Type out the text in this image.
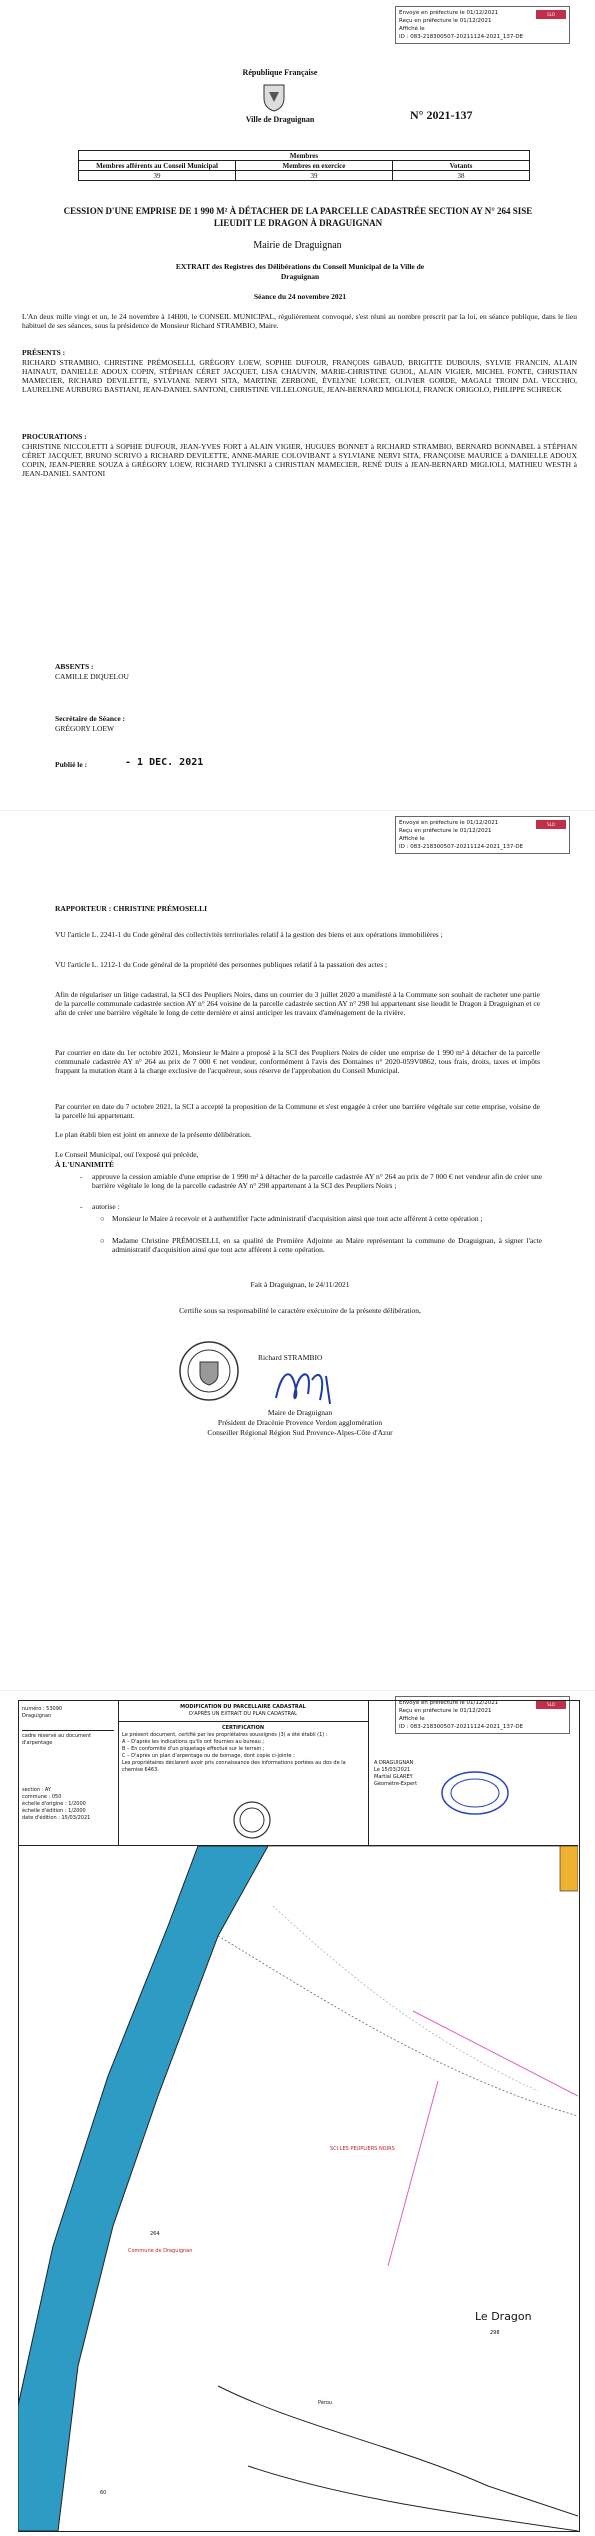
SLO
Envoyé en préfecture le 01/12/2021
Reçu en préfecture le 01/12/2021
Affiché le
ID : 083-218300507-20211124-2021_137-DE
République Française
Ville de Draguignan	N° 2021-137
Membres		
Membres afférents au Conseil Municipal	Membres en exercice	Votants
39	39	38
CESSION D'UNE EMPRISE DE 1 990 M² À DÉTACHER DE LA PARCELLE CADASTRÉE SECTION AY N° 264 SISE LIEUDIT LE DRAGON À DRAGUIGNAN
Mairie de Draguignan
EXTRAIT des Registres des Délibérations du Conseil Municipal de la Ville de Draguignan
Séance du 24 novembre 2021
L'An deux mille vingt et un, le 24 novembre à 14H00, le CONSEIL MUNICIPAL, régulièrement convoqué, s'est réuni au nombre prescrit par la loi, en séance publique, dans le lieu habituel de ses séances, sous la présidence de Monsieur Richard STRAMBIO, Maire.
PRÉSENTS :
RICHARD STRAMBIO, CHRISTINE PRÉMOSELLI, GRÉGORY LOEW, SOPHIE DUFOUR, FRANÇOIS GIBAUD, BRIGITTE DUBOUIS, SYLVIE FRANCIN, ALAIN HAINAUT, DANIELLE ADOUX COPIN, STÉPHAN CÉRET JACQUET, LISA CHAUVIN, MARIE-CHRISTINE GUIOL, ALAIN VIGIER, MICHEL FONTE, CHRISTIAN MAMECIER, RICHARD DEVILETTE, SYLVIANE NERVI SITA, MARTINE ZERBONE, ÉVELYNE LORCET, OLIVIER GORDE, MAGALI TROIN DAL VECCHIO, LAURELINE AURBURG BASTIANI, JEAN-DANIEL SANTONI, CHRISTINE VILLELONGUE, JEAN-BERNARD MIGLIOLI, FRANCK ORIGOLO, PHILIPPE SCHRECK
PROCURATIONS :
CHRISTINE NICCOLETTI à SOPHIE DUFOUR, JEAN-YVES FORT à ALAIN VIGIER, HUGUES BONNET à RICHARD STRAMBIO, BERNARD BONNABEL à STÉPHAN CÉRET JACQUET, BRUNO SCRIVO à RICHARD DEVILETTE, ANNE-MARIE COLOVIBANT à SYLVIANE NERVI SITA, FRANÇOISE MAURICE à DANIELLE ADOUX COPIN, JEAN-PIERRE SOUZA à GRÉGORY LOEW, RICHARD TYLINSKI à CHRISTIAN MAMECIER, RENÉ DUIS à JEAN-BERNARD MIGLIOLI, MATHIEU WESTH à JEAN-DANIEL SANTONI
ABSENTS :
CAMILLE DIQUELOU
Secrétaire de Séance :
GRÉGORY LOEW
Publié le :	- 1 DEC. 2021
SLO
Envoyé en préfecture le 01/12/2021
Reçu en préfecture le 01/12/2021
Affiché le
ID : 083-218300507-20211124-2021_137-DE
RAPPORTEUR : CHRISTINE PRÉMOSELLI
VU l'article L. 2241-1 du Code général des collectivités territoriales relatif à la gestion des biens et aux opérations immobilières ;
VU l'article L. 1212-1 du Code général de la propriété des personnes publiques relatif à la passation des actes ;
Afin de régulariser un litige cadastral, la SCI des Peupliers Noirs, dans un courrier du 3 juillet 2020 a manifesté à la Commune son souhait de racheter une partie de la parcelle communale cadastrée section AY n° 264 voisine de la parcelle cadastrée section AY n° 298 lui appartenant sise lieudit le Dragon à Draguignan et ce afin de créer une barrière végétale le long de cette dernière et ainsi anticiper les travaux d'aménagement de la rivière.
Par courrier en date du 1er octobre 2021, Monsieur le Maire a proposé à la SCI des Peupliers Noirs de céder une emprise de 1 990 m² à détacher de la parcelle communale cadastrée AY n° 264 au prix de 7 000 € net vendeur, conformément à l'avis des Domaines n° 2020-059V0862, tous frais, droits, taxes et impôts frappant la mutation étant à la charge exclusive de l'acquéreur, sous réserve de l'approbation du Conseil Municipal.
Par courrier en date du 7 octobre 2021, la SCI a accepté la proposition de la Commune et s'est engagée à créer une barrière végétale sur cette emprise, voisine de la parcelle lui appartenant.
Le plan établi bien est joint en annexe de la présente délibération.
Le Conseil Municipal, ouï l'exposé qui précède,
À L'UNANIMITÉ
- approuve la cession amiable d'une emprise de 1 990 m² à détacher de la parcelle cadastrée AY n° 264 au prix de 7 000 € net vendeur afin de créer une barrière végétale le long de la parcelle cadastrée AY n° 298 appartenant à la SCI des Peupliers Noirs ;
- autorise :
○ Monsieur le Maire à recevoir et à authentifier l'acte administratif d'acquisition ainsi que tout acte afférent à cette opération ;
○ Madame Christine PRÉMOSELLI, en sa qualité de Première Adjointe au Maire représentant la commune de Draguignan, à signer l'acte administratif d'acquisition ainsi que tout acte afférent à cette opération.
Fait à Draguignan, le 24/11/2021
Certifie sous sa responsabilité le caractère exécutoire de la présente délibération,
Richard STRAMBIO
Maire de Draguignan
Président de Dracénie Provence Verdon agglomération
Conseiller Régional Région Sud Provence-Alpes-Côte d'Azur
SLO
Envoyé en préfecture le 01/12/2021
Reçu en préfecture le 01/12/2021
Affiché le
ID : 083-218300507-20211124-2021_137-DE
numéro : 53090
Draguignan
cadre réservé au document d'arpentage
section : AY
commune : 050
échelle d'origine : 1/2000
échelle d'édition : 1/2000
date d'édition : 15/03/2021
MODIFICATION DU PARCELLAIRE CADASTRAL
D'APRÈS UN EXTRAIT DU PLAN CADASTRAL
CERTIFICATION
Le présent document, certifié par les propriétaires soussignés (3) a été établi (1) :
A – D'après les indications qu'ils ont fournies au bureau ;
B – En conformité d'un piquetage effectué sur le terrain ;
C – D'après un plan d'arpentage ou de bornage, dont copie ci-jointe ;
Les propriétaires déclarent avoir pris connaissance des informations portées au dos de la chemise 6463.
A DRAGUIGNAN
Le 15/03/2021
Martial GLAREY
Géomètre-Expert
264
Commune de Draguignan
SCI LES PEUPLIERS NOIRS
Le Dragon
298
Pérou
60
